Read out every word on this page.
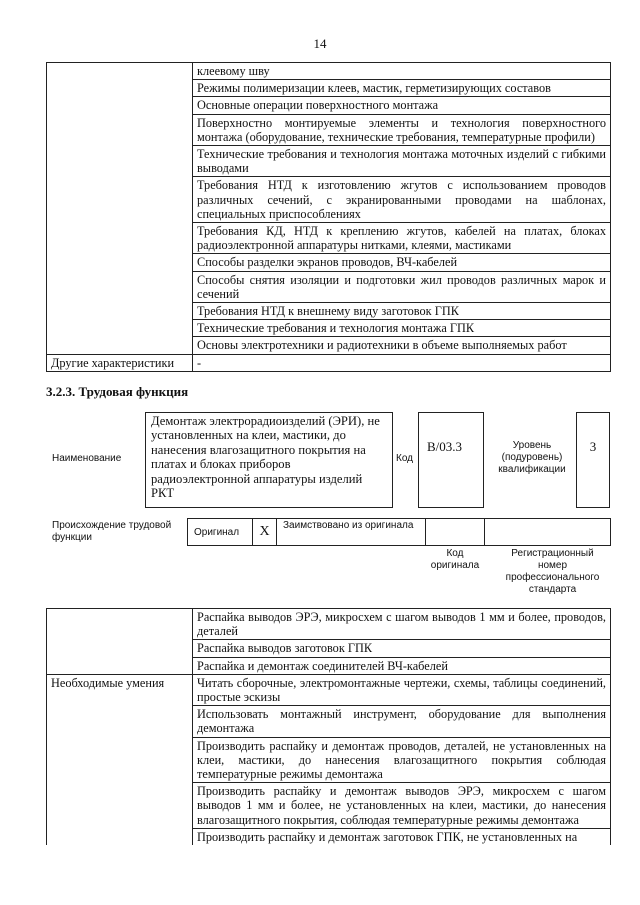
14
	клеевому шву
	Режимы полимеризации клеев, мастик, герметизирующих составов
	Основные операции поверхностного монтажа
	Поверхностно монтируемые элементы и технология поверхностного монтажа (оборудование, технические требования, температурные профили)
	Технические требования и технология монтажа моточных изделий с гибкими выводами
	Требования НТД к изготовлению жгутов с использованием проводов различных сечений, с экранированными проводами на шаблонах, специальных приспособлениях
	Требования КД, НТД к креплению жгутов, кабелей на платах, блоках радиоэлектронной аппаратуры нитками, клеями, мастиками
	Способы разделки экранов проводов, ВЧ-кабелей
	Способы снятия изоляции и подготовки жил проводов различных марок и сечений
	Требования НТД к внешнему виду заготовок ГПК
	Технические требования и технология монтажа ГПК
	Основы электротехники и радиотехники в объеме выполняемых работ
Другие характеристики	-
3.2.3. Трудовая функция
Наименование
Демонтаж электрорадиоизделий (ЭРИ), не установленных на клеи, мастики, до нанесения влагозащитного покрытия на платах и блоках приборов радиоэлектронной аппаратуры изделий РКТ
Код
B/03.3	Уровень (подуровень) квалификации
3
Происхождение трудовой функции	Оригинал	X	Заимствовано из оригинала
Код оригинала
Регистрационный номер профессионального стандарта
	Распайка выводов ЭРЭ, микросхем с шагом выводов 1 мм и более, проводов, деталей
	Распайка выводов заготовок ГПК
	Распайка и демонтаж соединителей ВЧ-кабелей
Необходимые умения	Читать сборочные, электромонтажные чертежи, схемы, таблицы соединений, простые эскизы
	Использовать монтажный инструмент, оборудование для выполнения демонтажа
	Производить распайку и демонтаж проводов, деталей, не установленных на клеи, мастики, до нанесения влагозащитного покрытия соблюдая температурные режимы демонтажа
	Производить распайку и демонтаж выводов ЭРЭ, микросхем с шагом выводов 1 мм и более, не установленных на клеи, мастики, до нанесения влагозащитного покрытия, соблюдая температурные режимы демонтажа
	Производить распайку и демонтаж заготовок ГПК, не установленных на
